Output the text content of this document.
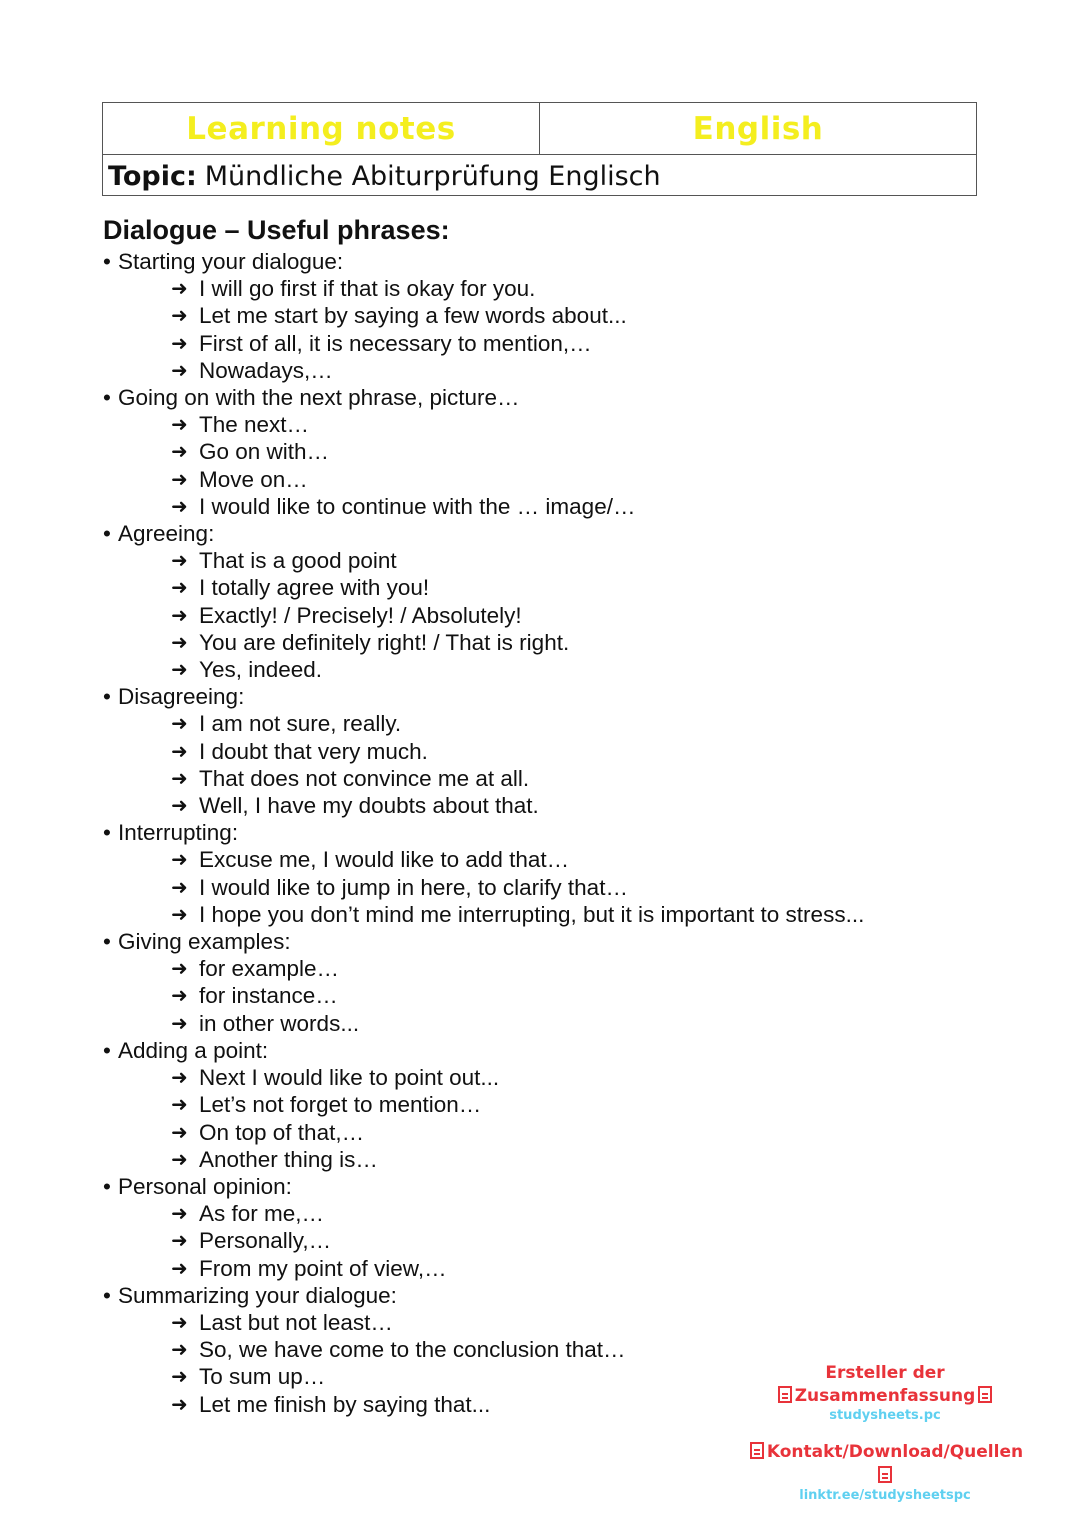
Learning notes	English
Topic: Mündliche Abiturprüfung Englisch
Dialogue – Useful phrases:
• Starting your dialogue:
➜ I will go first if that is okay for you.
➜ Let me start by saying a few words about...
➜ First of all, it is necessary to mention,…
➜ Nowadays,…
• Going on with the next phrase, picture…
➜ The next…
➜ Go on with…
➜ Move on…
➜ I would like to continue with the … image/…
• Agreeing:
➜ That is a good point
➜ I totally agree with you!
➜ Exactly! / Precisely! / Absolutely!
➜ You are definitely right! / That is right.
➜ Yes, indeed.
• Disagreeing:
➜ I am not sure, really.
➜ I doubt that very much.
➜ That does not convince me at all.
➜ Well, I have my doubts about that.
• Interrupting:
➜ Excuse me, I would like to add that…
➜ I would like to jump in here, to clarify that…
➜ I hope you don’t mind me interrupting, but it is important to stress...
• Giving examples:
➜ for example…
➜ for instance…
➜ in other words...
• Adding a point:
➜ Next I would like to point out...
➜ Let’s not forget to mention…
➜ On top of that,…
➜ Another thing is…
• Personal opinion:
➜ As for me,…
➜ Personally,…
➜ From my point of view,…
• Summarizing your dialogue:
➜ Last but not least…
➜ So, we have come to the conclusion that…
➜ To sum up…
➜ Let me finish by saying that...
Ersteller der
Zusammenfassung
studysheets.pc
Kontakt/Download/Quellen
linktr.ee/studysheetspc
